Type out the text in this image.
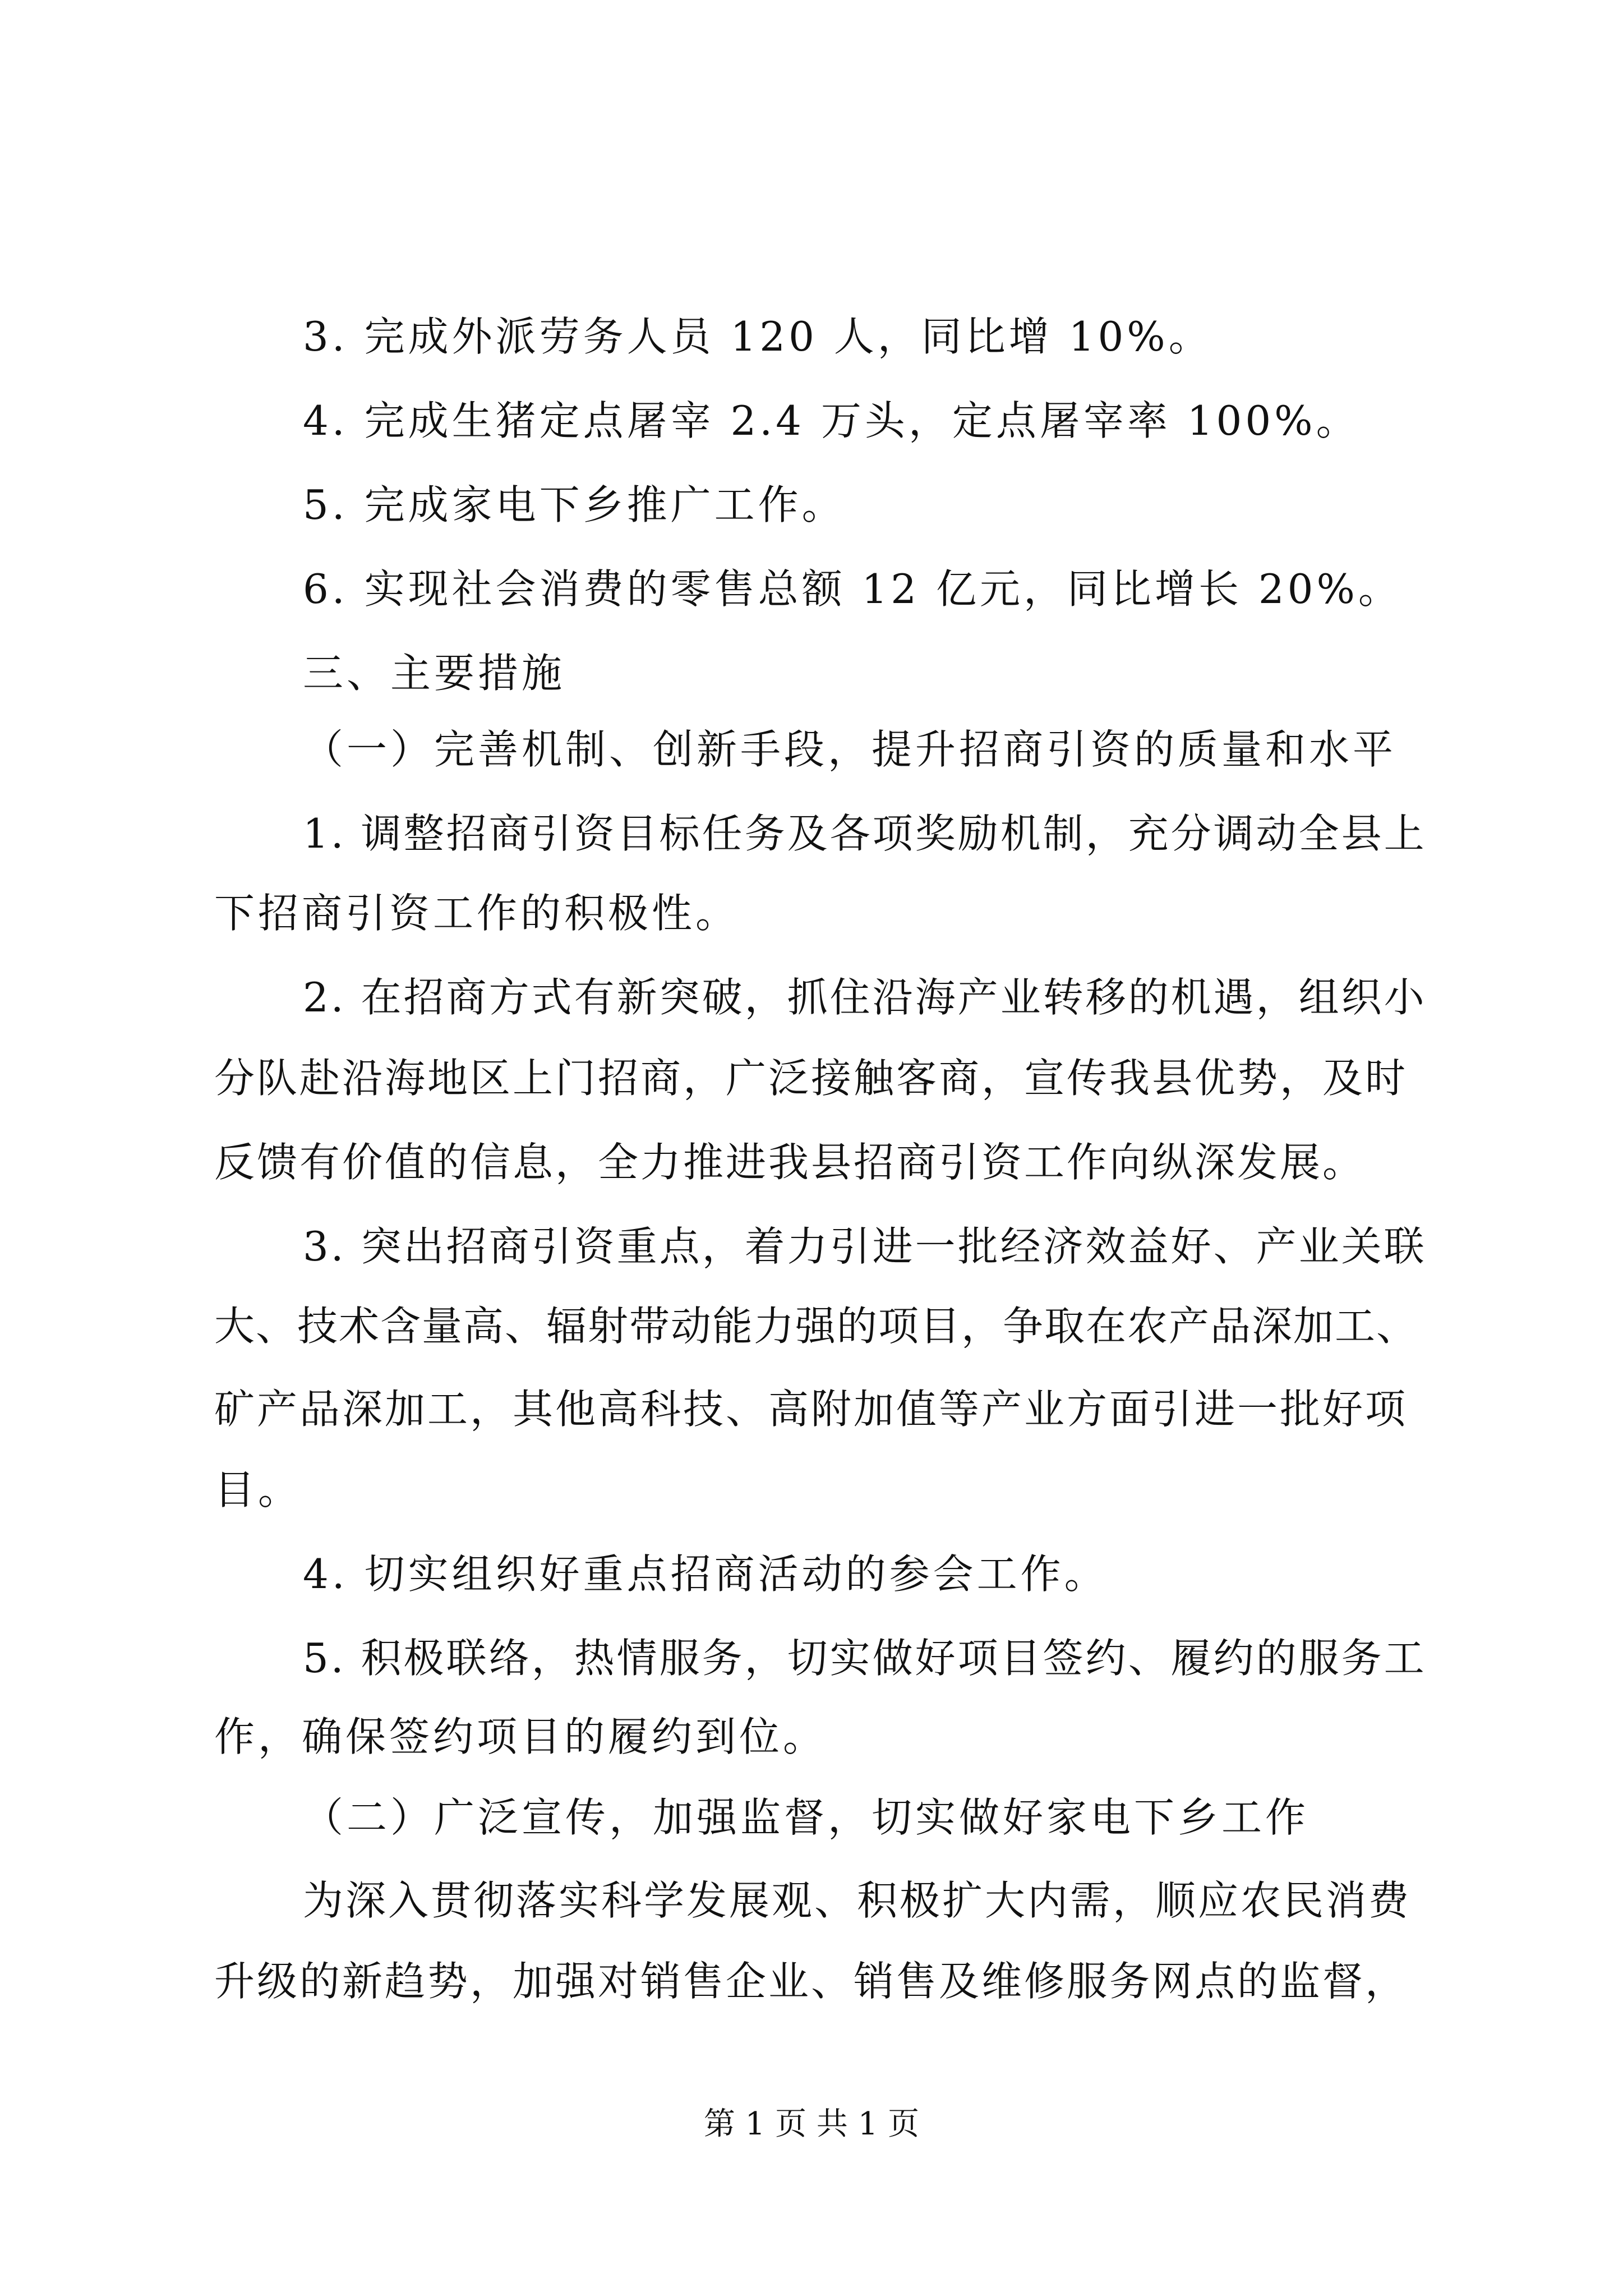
3. 完成外派劳务人员 120 人，同比增 10%。
4. 完成生猪定点屠宰 2.4 万头，定点屠宰率 100%。
5. 完成家电下乡推广工作。
6. 实现社会消费的零售总额 12 亿元，同比增长 20%。
三、主要措施
（一）完善机制、创新手段，提升招商引资的质量和水平
1. 调整招商引资目标任务及各项奖励机制，充分调动全县上
下招商引资工作的积极性。
2. 在招商方式有新突破，抓住沿海产业转移的机遇，组织小
分队赴沿海地区上门招商，广泛接触客商，宣传我县优势，及时
反馈有价值的信息，全力推进我县招商引资工作向纵深发展。
3. 突出招商引资重点，着力引进一批经济效益好、产业关联
大、技术含量高、辐射带动能力强的项目，争取在农产品深加工、
矿产品深加工，其他高科技、高附加值等产业方面引进一批好项
目。
4. 切实组织好重点招商活动的参会工作。
5. 积极联络，热情服务，切实做好项目签约、履约的服务工
作，确保签约项目的履约到位。
（二）广泛宣传，加强监督，切实做好家电下乡工作
为深入贯彻落实科学发展观、积极扩大内需，顺应农民消费
升级的新趋势，加强对销售企业、销售及维修服务网点的监督，
第 1 页 共 1 页
